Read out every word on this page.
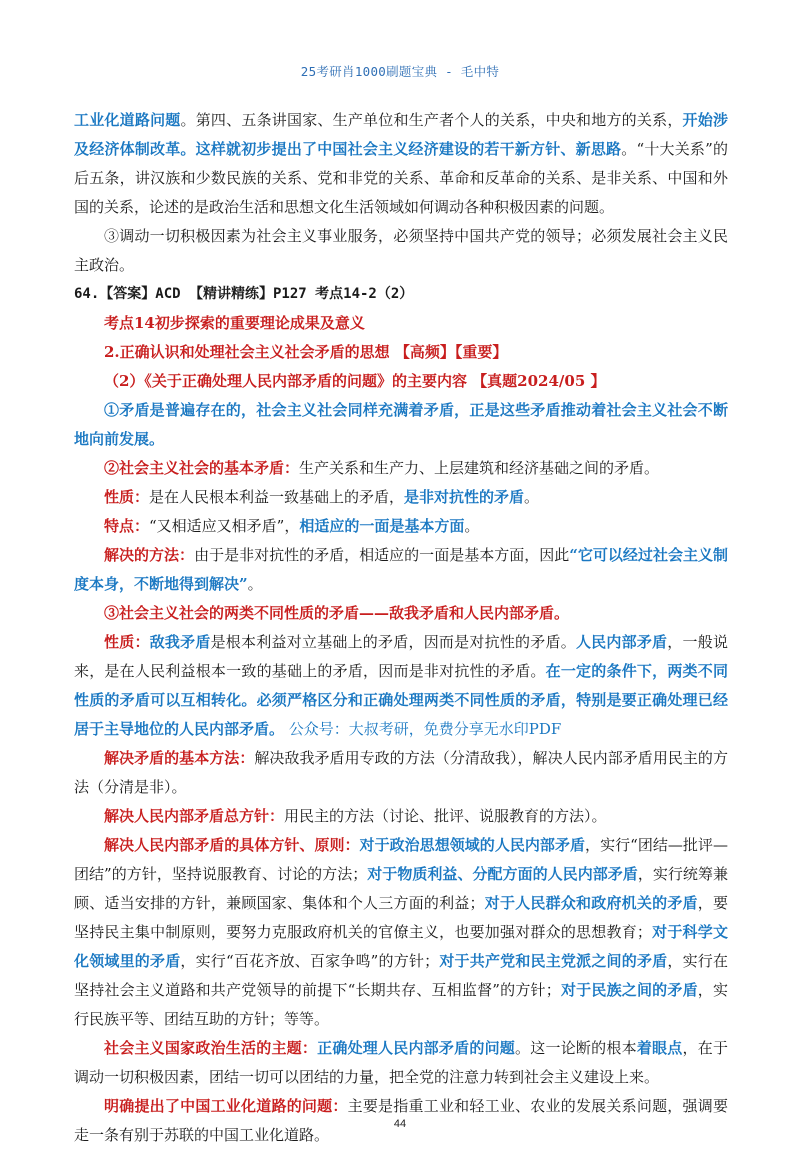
25考研肖1000刷题宝典 - 毛中特

工业化道路问题。第四、五条讲国家、生产单位和生产者个人的关系，中央和地方的关系，开始涉及经济体制改革。这样就初步提出了中国社会主义经济建设的若干新方针、新思路。“十大关系”的后五条，讲汉族和少数民族的关系、党和非党的关系、革命和反革命的关系、是非关系、中国和外国的关系，论述的是政治生活和思想文化生活领域如何调动各种积极因素的问题。

③调动一切积极因素为社会主义事业服务，必须坚持中国共产党的领导；必须发展社会主义民主政治。

64.【答案】ACD 【精讲精练】P127 考点14-2（2）

考点14初步探索的重要理论成果及意义

2.正确认识和处理社会主义社会矛盾的思想 【高频】【重要】

（2）《关于正确处理人民内部矛盾的问题》的主要内容 【真题2024/05 】

①矛盾是普遍存在的，社会主义社会同样充满着矛盾，正是这些矛盾推动着社会主义社会不断地向前发展。

②社会主义社会的基本矛盾：生产关系和生产力、上层建筑和经济基础之间的矛盾。

性质：是在人民根本利益一致基础上的矛盾，是非对抗性的矛盾。

特点：“又相适应又相矛盾”，相适应的一面是基本方面。

解决的方法：由于是非对抗性的矛盾，相适应的一面是基本方面，因此“它可以经过社会主义制度本身，不断地得到解决”。

③社会主义社会的两类不同性质的矛盾——敌我矛盾和人民内部矛盾。

性质：敌我矛盾是根本利益对立基础上的矛盾，因而是对抗性的矛盾。人民内部矛盾，一般说来，是在人民利益根本一致的基础上的矛盾，因而是非对抗性的矛盾。在一定的条件下，两类不同性质的矛盾可以互相转化。必须严格区分和正确处理两类不同性质的矛盾，特别是要正确处理已经居于主导地位的人民内部矛盾。 公众号：大叔考研，免费分享无水印PDF

解决矛盾的基本方法：解决敌我矛盾用专政的方法（分清敌我），解决人民内部矛盾用民主的方法（分清是非）。

解决人民内部矛盾总方针：用民主的方法（讨论、批评、说服教育的方法）。

解决人民内部矛盾的具体方针、原则：对于政治思想领域的人民内部矛盾，实行“团结—批评—团结”的方针，坚持说服教育、讨论的方法；对于物质利益、分配方面的人民内部矛盾，实行统筹兼顾、适当安排的方针，兼顾国家、集体和个人三方面的利益；对于人民群众和政府机关的矛盾，要坚持民主集中制原则，要努力克服政府机关的官僚主义，也要加强对群众的思想教育；对于科学文化领域里的矛盾，实行“百花齐放、百家争鸣”的方针；对于共产党和民主党派之间的矛盾，实行在坚持社会主义道路和共产党领导的前提下“长期共存、互相监督”的方针；对于民族之间的矛盾，实行民族平等、团结互助的方针；等等。

社会主义国家政治生活的主题：正确处理人民内部矛盾的问题。这一论断的根本着眼点，在于调动一切积极因素，团结一切可以团结的力量，把全党的注意力转到社会主义建设上来。

明确提出了中国工业化道路的问题：主要是指重工业和轻工业、农业的发展关系问题，强调要走一条有别于苏联的中国工业化道路。

44
